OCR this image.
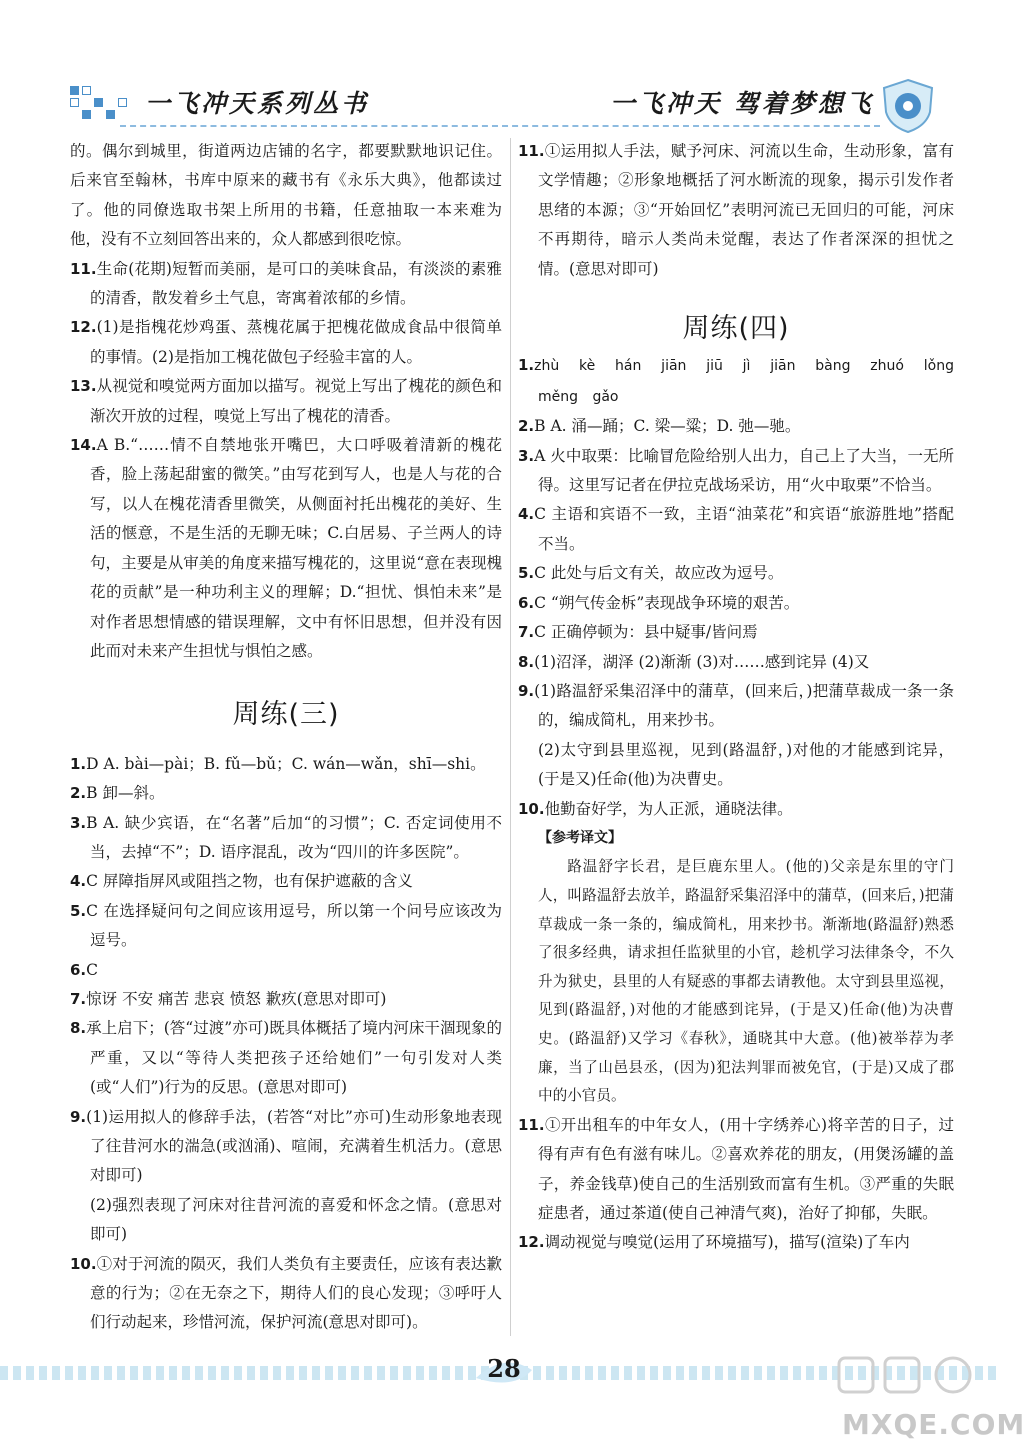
一飞冲天系列丛书	一飞冲天 驾着梦想飞

的。偶尔到城里，街道两边店铺的名字，都要默默地识记住。后来官至翰林，书库中原来的藏书有《永乐大典》，他都读过了。他的同僚选取书架上所用的书籍，任意抽取一本来难为他，没有不立刻回答出来的，众人都感到很吃惊。

11.生命(花期)短暂而美丽，是可口的美味食品，有淡淡的素雅的清香，散发着乡土气息，寄寓着浓郁的乡情。

12.(1)是指槐花炒鸡蛋、蒸槐花属于把槐花做成食品中很简单的事情。(2)是指加工槐花做包子经验丰富的人。

13.从视觉和嗅觉两方面加以描写。视觉上写出了槐花的颜色和渐次开放的过程，嗅觉上写出了槐花的清香。

14.A B.“……情不自禁地张开嘴巴，大口呼吸着清新的槐花香，脸上荡起甜蜜的微笑。”由写花到写人，也是人与花的合写，以人在槐花清香里微笑，从侧面衬托出槐花的美好、生活的惬意，不是生活的无聊无味；C.白居易、子兰两人的诗句，主要是从审美的角度来描写槐花的，这里说“意在表现槐花的贡献”是一种功利主义的理解；D.“担忧、惧怕未来”是对作者思想情感的错误理解，文中有怀旧思想，但并没有因此而对未来产生担忧与惧怕之感。

周练(三)

1.D A. bài—pài；B. fǔ—bǔ；C. wán—wǎn，shī—shi。

2.B 卸—斜。

3.B A. 缺少宾语，在“名著”后加“的习惯”；C. 否定词使用不当，去掉“不”；D. 语序混乱，改为“四川的许多医院”。

4.C 屏障指屏风或阻挡之物，也有保护遮蔽的含义

5.C 在选择疑问句之间应该用逗号，所以第一个问号应该改为逗号。

6.C

7.惊讶 不安 痛苦 悲哀 愤怒 歉疚(意思对即可)

8.承上启下；(答“过渡”亦可)既具体概括了境内河床干涸现象的严重，又以“等待人类把孩子还给她们”一句引发对人类(或“人们”)行为的反思。(意思对即可)

9.(1)运用拟人的修辞手法，(若答“对比”亦可)生动形象地表现了往昔河水的湍急(或汹涌)、喧闹，充满着生机活力。(意思对即可)

(2)强烈表现了河床对往昔河流的喜爱和怀念之情。(意思对即可)

10.①对于河流的陨灭，我们人类负有主要责任，应该有表达歉意的行为；②在无奈之下，期待人们的良心发现；③呼吁人们行动起来，珍惜河流，保护河流(意思对即可)。

11.①运用拟人手法，赋予河床、河流以生命，生动形象，富有文学情趣；②形象地概括了河水断流的现象，揭示引发作者思绪的本源；③“开始回忆”表明河流已无回归的可能，河床不再期待，暗示人类尚未觉醒，表达了作者深深的担忧之情。(意思对即可)

周练(四)

1.zhù kè hán jiān jiū jì jiān bàng zhuó lǒng měng gǎo

2.B A. 涌—踊；C. 梁—粱；D. 弛—驰。

3.A 火中取栗：比喻冒危险给别人出力，自己上了大当，一无所得。这里写记者在伊拉克战场采访，用“火中取栗”不恰当。

4.C 主语和宾语不一致，主语“油菜花”和宾语“旅游胜地”搭配不当。

5.C 此处与后文有关，故应改为逗号。

6.C “朔气传金柝”表现战争环境的艰苦。

7.C 正确停顿为：县中疑事/皆问焉

8.(1)沼泽，湖泽 (2)渐渐 (3)对……感到诧异 (4)又

9.(1)路温舒采集沼泽中的蒲草，(回来后，)把蒲草裁成一条一条的，编成简札，用来抄书。

(2)太守到县里巡视，见到(路温舒，)对他的才能感到诧异，(于是又)任命(他)为决曹史。

10.他勤奋好学，为人正派，通晓法律。

【参考译文】

路温舒字长君，是巨鹿东里人。(他的)父亲是东里的守门人，叫路温舒去放羊，路温舒采集沼泽中的蒲草，(回来后，)把蒲草裁成一条一条的，编成简札，用来抄书。渐渐地(路温舒)熟悉了很多经典，请求担任监狱里的小官，趁机学习法律条令，不久升为狱史，县里的人有疑惑的事都去请教他。太守到县里巡视，见到(路温舒，)对他的才能感到诧异，(于是又)任命(他)为决曹史。(路温舒)又学习《春秋》，通晓其中大意。(他)被举荐为孝廉，当了山邑县丞，(因为)犯法判罪而被免官，(于是)又成了郡中的小官员。

11.①开出租车的中年女人，(用十字绣养心)将辛苦的日子，过得有声有色有滋有味儿。②喜欢养花的朋友，(用煲汤罐的盖子，养金钱草)使自己的生活别致而富有生机。③严重的失眠症患者，通过茶道(使自己神清气爽)，治好了抑郁，失眠。

12.调动视觉与嗅觉(运用了环境描写)，描写(渲染)了车内

28
MXQE.COM
